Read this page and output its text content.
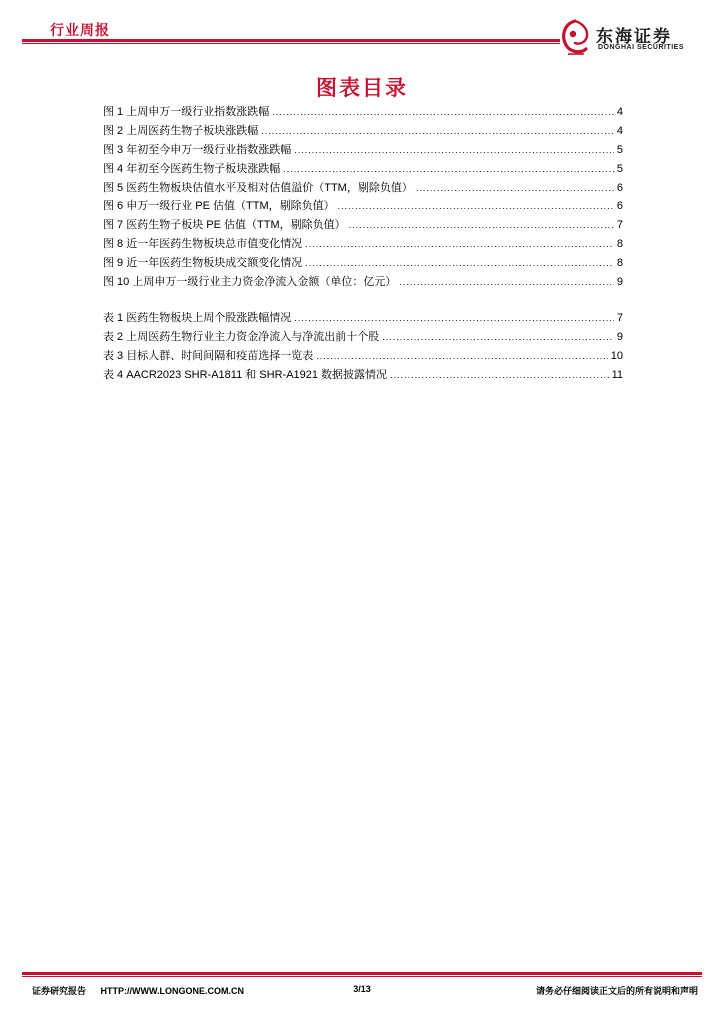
行业周报	东海证券
DONGHAI SECURITIES
图表目录
图 1 上周申万一级行业指数涨跌幅 .....	4
图 2 上周医药生物子板块涨跌幅 .....	4
图 3 年初至今申万一级行业指数涨跌幅 .....	5
图 4 年初至今医药生物子板块涨跌幅 .....	5
图 5 医药生物板块估值水平及相对估值溢价（TTM，剔除负值） .....	6
图 6 申万一级行业 PE 估值（TTM，剔除负值） .....	6
图 7 医药生物子板块 PE 估值（TTM，剔除负值） .....	7
图 8 近一年医药生物板块总市值变化情况 .....	8
图 9 近一年医药生物板块成交额变化情况 .....	8
图 10 上周申万一级行业主力资金净流入金额（单位：亿元） .....	9
表 1 医药生物板块上周个股涨跌幅情况 .....	7
表 2 上周医药生物行业主力资金净流入与净流出前十个股 .....	9
表 3 目标人群、时间间隔和疫苗选择一览表 .....	10
表 4 AACR2023 SHR-A1811 和 SHR-A1921 数据披露情况 .....	11
证券研究报告 HTTP://WWW.LONGONE.COM.CN	3/13	请务必仔细阅读正文后的所有说明和声明
